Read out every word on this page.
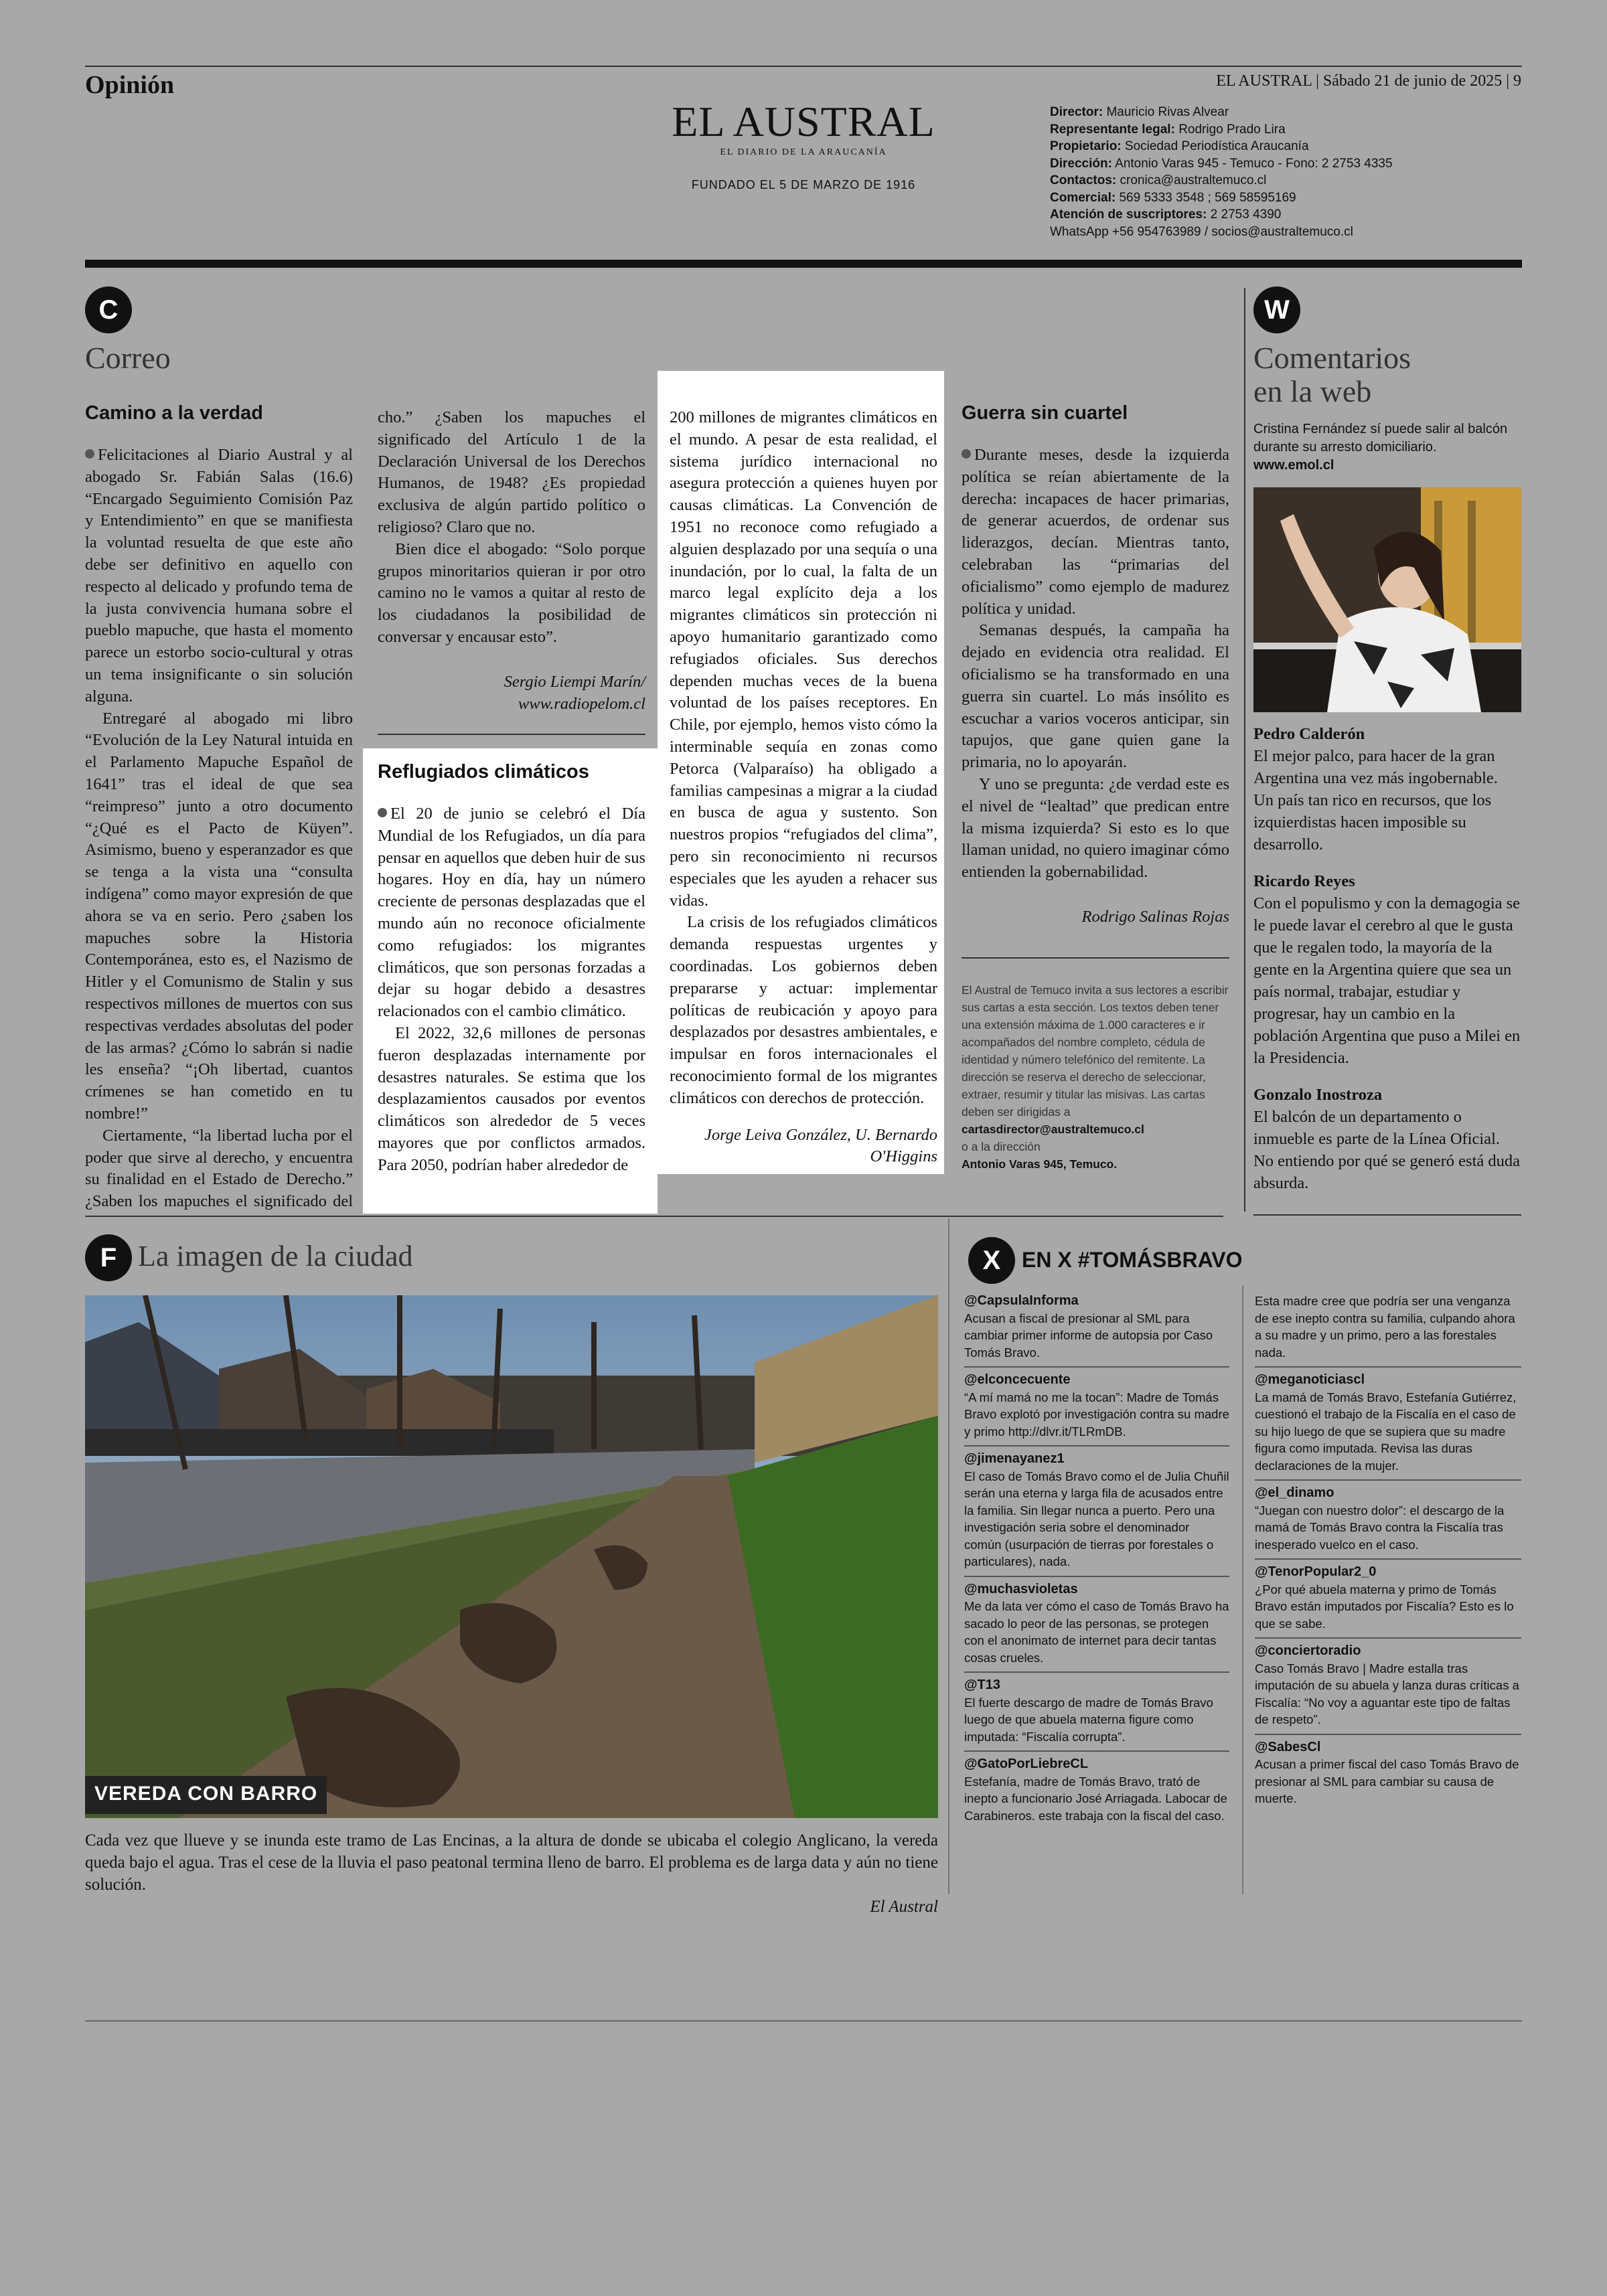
Opinión	EL AUSTRAL | Sábado 21 de junio de 2025 | 9
EL AUSTRAL
EL DIARIO DE LA ARAUCANÍA
FUNDADO EL 5 DE MARZO DE 1916
Director: Mauricio Rivas Alvear
Representante legal: Rodrigo Prado Lira
Propietario: Sociedad Periodística Araucanía
Dirección: Antonio Varas 945 - Temuco - Fono: 2 2753 4335
Contactos: cronica@australtemuco.cl
Comercial: 569 5333 3548 ; 569 58595169
Atención de suscriptores: 2 2753 4390
WhatsApp +56 954763989 / socios@australtemuco.cl
C
Correo
Camino a la verdad

Felicitaciones al Diario Austral y al abogado Sr. Fabián Salas (16.6) “Encargado Seguimiento Comisión Paz y Entendimiento” en que se manifiesta la voluntad resuelta de que este año debe ser definitivo en aquello con respecto al delicado y profundo tema de la justa convivencia humana sobre el pueblo mapuche, que hasta el momento parece un estorbo socio-cultural y otras un tema insignificante o sin solución alguna.

Entregaré al abogado mi libro “Evolución de la Ley Natural intuida en el Parlamento Mapuche Español de 1641” tras el ideal de que sea “reimpreso” junto a otro documento “¿Qué es el Pacto de Küyen”. Asimismo, bueno y esperanzador es que se tenga a la vista una “consulta indígena” como mayor expresión de que ahora se va en serio. Pero ¿saben los mapuches sobre la Historia Contemporánea, esto es, el Nazismo de Hitler y el Comunismo de Stalin y sus respectivos millones de muertos con sus respectivas verdades absolutas del poder de las armas? ¿Cómo lo sabrán si nadie les enseña? “¡Oh libertad, cuantos crímenes se han cometido en tu nombre!”

Ciertamente, “la libertad lucha por el poder que sirve al derecho, y encuentra su finalidad en el Estado de Derecho.” ¿Saben los mapuches el significado del

cho.” ¿Saben los mapuches el significado del Artículo 1 de la Declaración Universal de los Derechos Humanos, de 1948? ¿Es propiedad exclusiva de algún partido político o religioso? Claro que no.

Bien dice el abogado: “Solo porque grupos minoritarios quieran ir por otro camino no le vamos a quitar al resto de los ciudadanos la posibilidad de conversar y encausar esto”.

Sergio Liempi Marín/
www.radiopelom.cl
Reflugiados climáticos

El 20 de junio se celebró el Día Mundial de los Refugiados, un día para pensar en aquellos que deben huir de sus hogares. Hoy en día, hay un número creciente de personas desplazadas que el mundo aún no reconoce oficialmente como refugiados: los migrantes climáticos, que son personas forzadas a dejar su hogar debido a desastres relacionados con el cambio climático.

El 2022, 32,6 millones de personas fueron desplazadas internamente por desastres naturales. Se estima que los desplazamientos causados por eventos climáticos son alrededor de 5 veces mayores que por conflictos armados. Para 2050, podrían haber alrededor de

200 millones de migrantes climáticos en el mundo. A pesar de esta realidad, el sistema jurídico internacional no asegura protección a quienes huyen por causas climáticas. La Convención de 1951 no reconoce como refugiado a alguien desplazado por una sequía o una inundación, por lo cual, la falta de un marco legal explícito deja a los migrantes climáticos sin protección ni apoyo humanitario garantizado como refugiados oficiales. Sus derechos dependen muchas veces de la buena voluntad de los países receptores. En Chile, por ejemplo, hemos visto cómo la interminable sequía en zonas como Petorca (Valparaíso) ha obligado a familias campesinas a migrar a la ciudad en busca de agua y sustento. Son nuestros propios “refugiados del clima”, pero sin reconocimiento ni recursos especiales que les ayuden a rehacer sus vidas.

La crisis de los refugiados climáticos demanda respuestas urgentes y coordinadas. Los gobiernos deben prepararse y actuar: implementar políticas de reubicación y apoyo para desplazados por desastres ambientales, e impulsar en foros internacionales el reconocimiento formal de los migrantes climáticos con derechos de protección.

Jorge Leiva González, U. Bernardo
O'Higgins
Guerra sin cuartel

Durante meses, desde la izquierda política se reían abiertamente de la derecha: incapaces de hacer primarias, de generar acuerdos, de ordenar sus liderazgos, decían. Mientras tanto, celebraban las “primarias del oficialismo” como ejemplo de madurez política y unidad.

Semanas después, la campaña ha dejado en evidencia otra realidad. El oficialismo se ha transformado en una guerra sin cuartel. Lo más insólito es escuchar a varios voceros anticipar, sin tapujos, que gane quien gane la primaria, no lo apoyarán.

Y uno se pregunta: ¿de verdad este es el nivel de “lealtad” que predican entre la misma izquierda? Si esto es lo que llaman unidad, no quiero imaginar cómo entienden la gobernabilidad.

Rodrigo Salinas Rojas
El Austral de Temuco invita a sus lectores a escribir sus cartas a esta sección. Los textos deben tener una extensión máxima de 1.000 caracteres e ir acompañados del nombre completo, cédula de identidad y número telefónico del remitente. La dirección se reserva el derecho de seleccionar, extraer, resumir y titular las misivas. Las cartas deben ser dirigidas a
cartasdirector@australtemuco.cl
o a la dirección
Antonio Varas 945, Temuco.
W
Comentarios
en la web
Cristina Fernández sí puede salir al balcón durante su arresto domiciliario.
www.emol.cl
Pedro Calderón
El mejor palco, para hacer de la gran Argentina una vez más ingobernable. Un país tan rico en recursos, que los izquierdistas hacen imposible su desarrollo.
Ricardo Reyes
Con el populismo y con la demagogia se le puede lavar el cerebro al que le gusta que le regalen todo, la mayoría de la gente en la Argentina quiere que sea un país normal, trabajar, estudiar y progresar, hay un cambio en la población Argentina que puso a Milei en la Presidencia.
Gonzalo Inostroza
El balcón de un departamento o inmueble es parte de la Línea Oficial. No entiendo por qué se generó está duda absurda.
F La imagen de la ciudad
VEREDA CON BARRO
Cada vez que llueve y se inunda este tramo de Las Encinas, a la altura de donde se ubicaba el colegio Anglicano, la vereda queda bajo el agua. Tras el cese de la lluvia el paso peatonal termina lleno de barro. El problema es de larga data y aún no tiene solución.
El Austral
X EN X #TOMÁSBRAVO
@CapsulaInforma
Acusan a fiscal de presionar al SML para cambiar primer informe de autopsia por Caso Tomás Bravo.
@elconcecuente
“A mí mamá no me la tocan”: Madre de Tomás Bravo explotó por investigación contra su madre y primo http://dlvr.it/TLRmDB.
@jimenayanez1
El caso de Tomás Bravo como el de Julia Chuñil serán una eterna y larga fila de acusados entre la familia. Sin llegar nunca a puerto. Pero una investigación seria sobre el denominador común (usurpación de tierras por forestales o particulares), nada.
@muchasvioletas
Me da lata ver cómo el caso de Tomás Bravo ha sacado lo peor de las personas, se protegen con el anonimato de internet para decir tantas cosas crueles.
@T13
El fuerte descargo de madre de Tomás Bravo luego de que abuela materna figure como imputada: “Fiscalía corrupta”.
@GatoPorLiebreCL
Estefanía, madre de Tomás Bravo, trató de inepto a funcionario José Arriagada. Labocar de Carabineros. este trabaja con la fiscal del caso.
Esta madre cree que podría ser una venganza de ese inepto contra su familia, culpando ahora a su madre y un primo, pero a las forestales nada.
@meganoticiascl
La mamá de Tomás Bravo, Estefanía Gutiérrez, cuestionó el trabajo de la Fiscalía en el caso de su hijo luego de que se supiera que su madre figura como imputada. Revisa las duras declaraciones de la mujer.
@el_dinamo
“Juegan con nuestro dolor”: el descargo de la mamá de Tomás Bravo contra la Fiscalía tras inesperado vuelco en el caso.
@TenorPopular2_0
¿Por qué abuela materna y primo de Tomás Bravo están imputados por Fiscalía? Esto es lo que se sabe.
@conciertoradio
Caso Tomás Bravo | Madre estalla tras imputación de su abuela y lanza duras críticas a Fiscalía: “No voy a aguantar este tipo de faltas de respeto”.
@SabesCl
Acusan a primer fiscal del caso Tomás Bravo de presionar al SML para cambiar su causa de muerte.
